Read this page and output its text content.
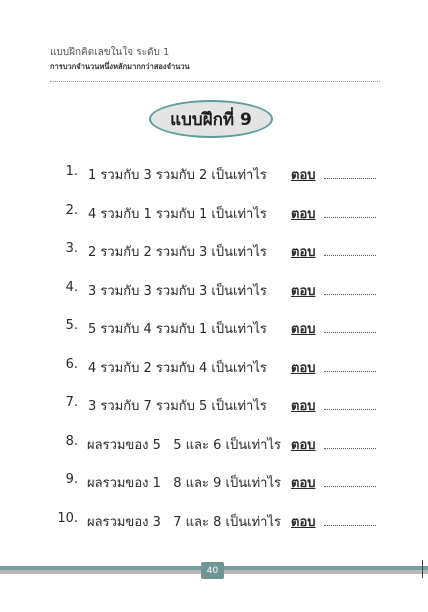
แบบฝึกคิดเลขในใจ ระดับ 1
การบวกจำนวนหนึ่งหลักมากกว่าสองจำนวน
แบบฝึกที่ 9
1. 1 รวมกับ 3 รวมกับ 2 เป็นเท่าไร ตอบ
2. 4 รวมกับ 1 รวมกับ 1 เป็นเท่าไร ตอบ
3. 2 รวมกับ 2 รวมกับ 3 เป็นเท่าไร ตอบ
4. 3 รวมกับ 3 รวมกับ 3 เป็นเท่าไร ตอบ
5. 5 รวมกับ 4 รวมกับ 1 เป็นเท่าไร ตอบ
6. 4 รวมกับ 2 รวมกับ 4 เป็นเท่าไร ตอบ
7. 3 รวมกับ 7 รวมกับ 5 เป็นเท่าไร ตอบ
8. ผลรวมของ 5   5 และ 6 เป็นเท่าไร ตอบ
9. ผลรวมของ 1   8 และ 9 เป็นเท่าไร ตอบ
10. ผลรวมของ 3   7 และ 8 เป็นเท่าไร ตอบ
40
